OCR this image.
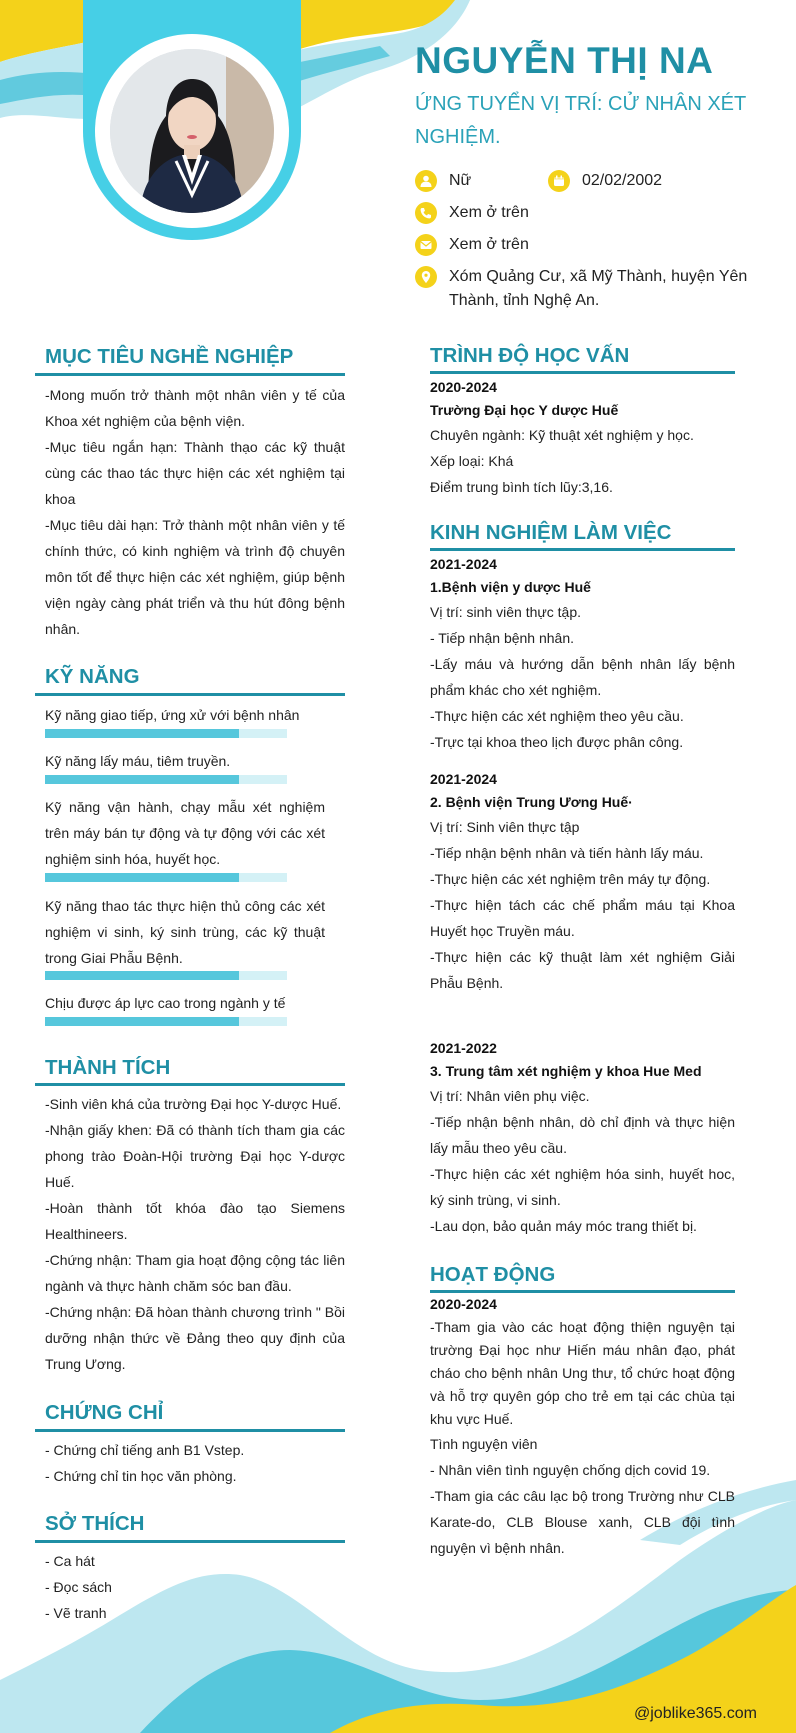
NGUYỄN THỊ NA
ỨNG TUYỂN VỊ TRÍ: CỬ NHÂN XÉT NGHIỆM.
Nữ	02/02/2002
Xem ở trên
Xem ở trên
Xóm Quảng Cư, xã Mỹ Thành, huyện Yên Thành, tỉnh Nghệ An.
MỤC TIÊU NGHỀ NGHIỆP

-Mong muốn trở thành một nhân viên y tế của Khoa xét nghiệm của bệnh viện.

-Mục tiêu ngắn hạn: Thành thạo các kỹ thuật cùng các thao tác thực hiện các xét nghiệm tại khoa

-Mục tiêu dài hạn: Trở thành một nhân viên y tế chính thức, có kinh nghiệm và trình độ chuyên môn tốt để thực hiện các xét nghiệm, giúp bệnh viện ngày càng phát triển và thu hút đông bệnh nhân.

KỸ NĂNG
Kỹ năng giao tiếp, ứng xử với bệnh nhân
Kỹ năng lấy máu, tiêm truyền.
Kỹ năng vận hành, chạy mẫu xét nghiệm trên máy bán tự động và tự động với các xét nghiệm sinh hóa, huyết học.
Kỹ năng thao tác thực hiện thủ công các xét nghiệm vi sinh, ký sinh trùng, các kỹ thuật trong Giai Phẫu Bệnh.
Chịu được áp lực cao trong ngành y tế
THÀNH TÍCH

-Sinh viên khá của trường Đại học Y-dược Huế.

-Nhận giấy khen: Đã có thành tích tham gia các phong trào Đoàn-Hội trường Đại học Y-dược Huế.

-Hoàn thành tốt khóa đào tạo Siemens Healthineers.

-Chứng nhận: Tham gia hoạt động cộng tác liên ngành và thực hành chăm sóc ban đầu.

-Chứng nhận: Đã hòan thành chương trình " Bồi dưỡng nhận thức về Đảng theo quy định của Trung Ương.

CHỨNG CHỈ

- Chứng chỉ tiếng anh B1 Vstep.

- Chứng chỉ tin học văn phòng.

SỞ THÍCH

- Ca hát

- Đọc sách

- Vẽ tranh

TRÌNH ĐỘ HỌC VẤN

2020-2024

Trường Đại học Y dược Huế

Chuyên ngành: Kỹ thuật xét nghiệm y học.

Xếp loại: Khá

Điểm trung bình tích lũy:3,16.

KINH NGHIỆM LÀM VIỆC

2021-2024

1.Bệnh viện y dược Huế

Vị trí: sinh viên thực tập.

- Tiếp nhận bệnh nhân.

-Lấy máu và hướng dẫn bệnh nhân lấy bệnh phẩm khác cho xét nghiệm.

-Thực hiện các xét nghiệm theo yêu cầu.

-Trực tại khoa theo lịch được phân công.

2021-2024

2. Bệnh viện Trung Ương Huế·

Vị trí: Sinh viên thực tập

-Tiếp nhận bệnh nhân và tiến hành lấy máu.

-Thực hiện các xét nghiệm trên máy tự động.

-Thực hiện tách các chế phẩm máu tại Khoa Huyết học Truyền máu.

-Thực hiện các kỹ thuật làm xét nghiệm Giải Phẫu Bệnh.

2021-2022

3. Trung tâm xét nghiệm y khoa Hue Med

Vị trí: Nhân viên phụ việc.

-Tiếp nhận bệnh nhân, dò chỉ định và thực hiện lấy mẫu theo yêu cầu.

-Thực hiện các xét nghiệm hóa sinh, huyết hoc, ký sinh trùng, vi sinh.

-Lau dọn, bảo quản máy móc trang thiết bị.

HOẠT ĐỘNG

2020-2024

-Tham gia vào các hoạt động thiện nguyện tại trường Đại học như Hiến máu nhân đạo, phát cháo cho bệnh nhân Ung thư, tổ chức hoạt động và hỗ trợ quyên góp cho trẻ em tại các chùa tại khu vực Huế.

Tình nguyện viên

- Nhân viên tình nguyện chống dịch covid 19.

-Tham gia các câu lạc bộ trong Trường như CLB Karate-do, CLB Blouse xanh, CLB đội tình nguyện vì bệnh nhân.

@joblike365.com
